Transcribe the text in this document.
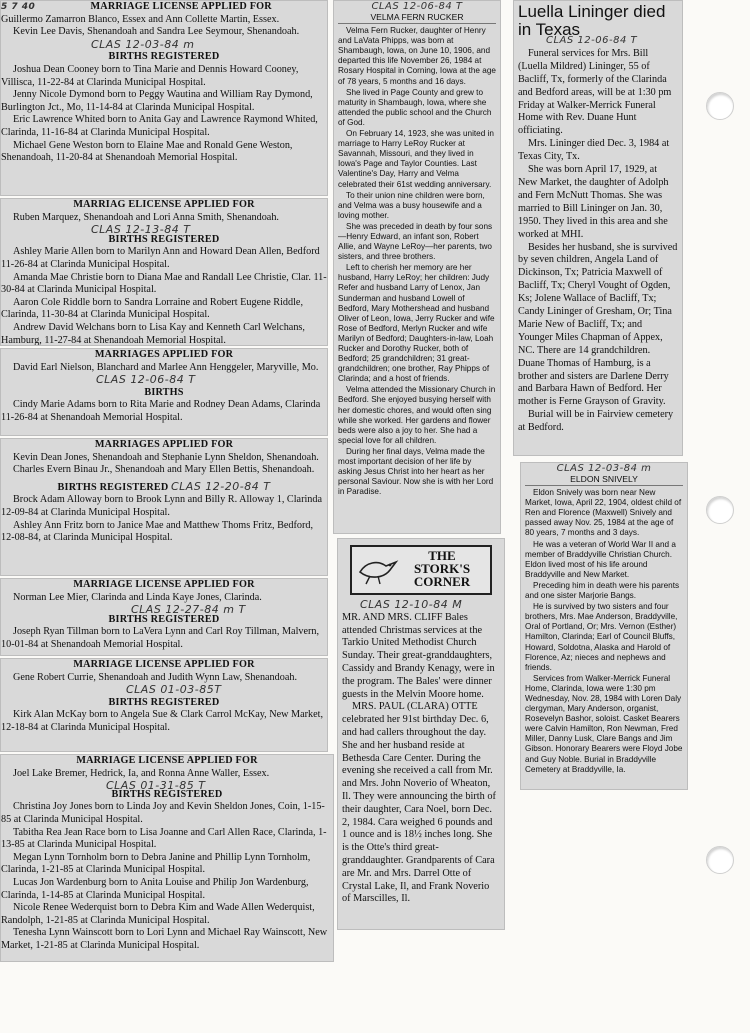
5 7 40	MARRIAGE LICENSE APPLIED FOR

Guillermo Zamarron Blanco, Essex and Ann Collette Martin, Essex.

Kevin Lee Davis, Shenandoah and Sandra Lee Seymour, Shenandoah.

CLAS 12-03-84 m
BIRTHS REGISTERED

Joshua Dean Cooney born to Tina Marie and Dennis Howard Cooney, Villisca, 11-22-84 at Clarinda Municipal Hospital.

Jenny Nicole Dymond born to Peggy Wautina and William Ray Dymond, Burlington Jct., Mo, 11-14-84 at Clarinda Municipal Hospital.

Eric Lawrence Whited born to Anita Gay and Lawrence Raymond Whited, Clarinda, 11-16-84 at Clarinda Municipal Hospital.

Michael Gene Weston born to Elaine Mae and Ronald Gene Weston, Shenandoah, 11-20-84 at Shenandoah Memorial Hospital.

MARRIAG ELICENSE APPLIED FOR

Ruben Marquez, Shenandoah and Lori Anna Smith, Shenandoah.

CLAS 12-13-84 T
BIRTHS REGISTERED

Ashley Marie Allen born to Marilyn Ann and Howard Dean Allen, Bedford 11-26-84 at Clarinda Municipal Hospital.

Amanda Mae Christie born to Diana Mae and Randall Lee Christie, Clar. 11-30-84 at Clarinda Municipal Hospital.

Aaron Cole Riddle born to Sandra Lorraine and Robert Eugene Riddle, Clarinda, 11-30-84 at Clarinda Municipal Hospital.

Andrew David Welchans born to Lisa Kay and Kenneth Carl Welchans, Hamburg, 11-27-84 at Shenandoah Memorial Hospital.

MARRIAGES APPLIED FOR

David Earl Nielson, Blanchard and Marlee Ann Henggeler, Maryville, Mo.

CLAS 12-06-84 T
BIRTHS

Cindy Marie Adams born to Rita Marie and Rodney Dean Adams, Clarinda 11-26-84 at Shenandoah Memorial Hospital.

MARRIAGES APPLIED FOR

Kevin Dean Jones, Shenandoah and Stephanie Lynn Sheldon, Shenandoah.

Charles Evern Binau Jr., Shenandoah and Mary Ellen Bettis, Shenandoah.

BIRTHS REGISTERED CLAS 12-20-84 T

Brock Adam Alloway born to Brook Lynn and Billy R. Alloway 1, Clarinda 12-09-84 at Clarinda Municipal Hospital.

Ashley Ann Fritz born to Janice Mae and Matthew Thoms Fritz, Bedford, 12-08-84, at Clarinda Municipal Hospital.

MARRIAGE LICENSE APPLIED FOR

Norman Lee Mier, Clarinda and Linda Kaye Jones, Clarinda.

CLAS 12-27-84 m T
BIRTHS REGISTERED

Joseph Ryan Tillman born to LaVera Lynn and Carl Roy Tillman, Malvern, 10-01-84 at Shenandoah Memorial Hospital.

MARRIAGE LICENSE APPLIED FOR

Gene Robert Currie, Shenandoah and Judith Wynn Law, Shenandoah.

CLAS 01-03-85T
BIRTHS REGISTERED

Kirk Alan McKay born to Angela Sue & Clark Carrol McKay, New Market, 12-18-84 at Clarinda Municipal Hospital.

MARRIAGE LICENSE APPLIED FOR

Joel Lake Bremer, Hedrick, Ia, and Ronna Anne Waller, Essex.

CLAS 01-31-85 T
BIRTHS REGISTERED

Christina Joy Jones born to Linda Joy and Kevin Sheldon Jones, Coin, 1-15-85 at Clarinda Municipal Hospital.

Tabitha Rea Jean Race born to Lisa Joanne and Carl Allen Race, Clarinda, 1-13-85 at Clarinda Municipal Hospital.

Megan Lynn Tornholm born to Debra Janine and Phillip Lynn Tornholm, Clarinda, 1-21-85 at Clarinda Municipal Hospital.

Lucas Jon Wardenburg born to Anita Louise and Philip Jon Wardenburg, Clarinda, 1-14-85 at Clarinda Municipal Hospital.

Nicole Renee Wederquist born to Debra Kim and Wade Allen Wederquist, Randolph, 1-21-85 at Clarinda Municipal Hospital.

Tenesha Lynn Wainscott born to Lori Lynn and Michael Ray Wainscott, New Market, 1-21-85 at Clarinda Municipal Hospital.

CLAS 12-06-84 T
VELMA FERN RUCKER

Velma Fern Rucker, daughter of Henry and LaVata Phipps, was born at Shambaugh, Iowa, on June 10, 1906, and departed this life November 26, 1984 at Rosary Hospital in Corning, Iowa at the age of 78 years, 5 months and 16 days.

She lived in Page County and grew to maturity in Shambaugh, Iowa, where she attended the public school and the Church of God.

On February 14, 1923, she was united in marriage to Harry LeRoy Rucker at Savannah, Missouri, and they lived in Iowa's Page and Taylor Counties. Last Valentine's Day, Harry and Velma celebrated their 61st wedding anniversary.

To their union nine children were born, and Velma was a busy housewife and a loving mother.

She was preceded in death by four sons—Henry Edward, an infant son, Robert Allie, and Wayne LeRoy—her parents, two sisters, and three brothers.

Left to cherish her memory are her husband, Harry LeRoy; her children: Judy Refer and husband Larry of Lenox, Jan Sunderman and husband Lowell of Bedford, Mary Mothershead and husband Oliver of Leon, Iowa, Jerry Rucker and wife Rose of Bedford, Merlyn Rucker and wife Marilyn of Bedford; Daughters-in-law, Loah Rucker and Dorothy Rucker, both of Bedford; 25 grandchildren; 31 great-grandchildren; one brother, Ray Phipps of Clarinda; and a host of friends.

Velma attended the Missionary Church in Bedford. She enjoyed busying herself with her domestic chores, and would often sing while she worked. Her gardens and flower beds were also a joy to her. She had a special love for all children.

During her final days, Velma made the most important decision of her life by asking Jesus Christ into her heart as her personal Saviour. Now she is with her Lord in Paradise.

THE STORK'S CORNER
CLAS 12-10-84 M

MR. AND MRS. CLIFF Bales attended Christmas services at the Tarkio United Methodist Church Sunday. Their great-granddaughters, Cassidy and Brandy Kenagy, were in the program. The Bales' were dinner guests in the Melvin Moore home.

MRS. PAUL (CLARA) OTTE celebrated her 91st birthday Dec. 6, and had callers throughout the day. She and her husband reside at Bethesda Care Center. During the evening she received a call from Mr. and Mrs. John Noverio of Wheaton, Il. They were announcing the birth of their daughter, Cara Noel, born Dec. 2, 1984. Cara weighed 6 pounds and 1 ounce and is 18½ inches long. She is the Otte's third great-granddaughter. Grandparents of Cara are Mr. and Mrs. Darrel Otte of Crystal Lake, Il, and Frank Noverio of Marscilles, Il.

Luella Lininger died in Texas
CLAS 12-06-84 T

Funeral services for Mrs. Bill (Luella Mildred) Lininger, 55 of Bacliff, Tx, formerly of the Clarinda and Bedford areas, will be at 1:30 pm Friday at Walker-Merrick Funeral Home with Rev. Duane Hunt officiating.

Mrs. Lininger died Dec. 3, 1984 at Texas City, Tx.

She was born April 17, 1929, at New Market, the daughter of Adolph and Fern McNutt Thomas. She was married to Bill Lininger on Jan. 30, 1950. They lived in this area and she worked at MHI.

Besides her husband, she is survived by seven children, Angela Land of Dickinson, Tx; Patricia Maxwell of Bacliff, Tx; Cheryl Vought of Ogden, Ks; Jolene Wallace of Bacliff, Tx; Candy Lininger of Gresham, Or; Tina Marie New of Bacliff, Tx; and Younger Miles Chapman of Appex, NC. There are 14 grandchildren. Duane Thomas of Hamburg, is a brother and sisters are Darlene Derry and Barbara Hawn of Bedford. Her mother is Ferne Grayson of Gravity.

Burial will be in Fairview cemetery at Bedford.

CLAS 12-03-84 m
ELDON SNIVELY

Eldon Snively was born near New Market, Iowa, April 22, 1904, oldest child of Ren and Florence (Maxwell) Snively and passed away Nov. 25, 1984 at the age of 80 years, 7 months and 3 days.

He was a veteran of World War II and a member of Braddyville Christian Church. Eldon lived most of his life around Braddyville and New Market.

Preceding him in death were his parents and one sister Marjorie Bangs.

He is survived by two sisters and four brothers, Mrs. Mae Anderson, Braddyville, Oral of Portland, Or; Mrs. Vernon (Esther) Hamilton, Clarinda; Earl of Council Bluffs, Howard, Soldotna, Alaska and Harold of Florence, Az; nieces and nephews and friends.

Services from Walker-Merrick Funeral Home, Clarinda, Iowa were 1:30 pm Wednesday, Nov. 28, 1984 with Loren Daly clergyman, Mary Anderson, organist, Rosevelyn Bashor, soloist. Casket Bearers were Calvin Hamilton, Ron Newman, Fred Miller, Danny Lusk, Clare Bangs and Jim Gibson. Honorary Bearers were Floyd Jobe and Guy Noble. Burial in Braddyville Cemetery at Braddyville, Ia.
